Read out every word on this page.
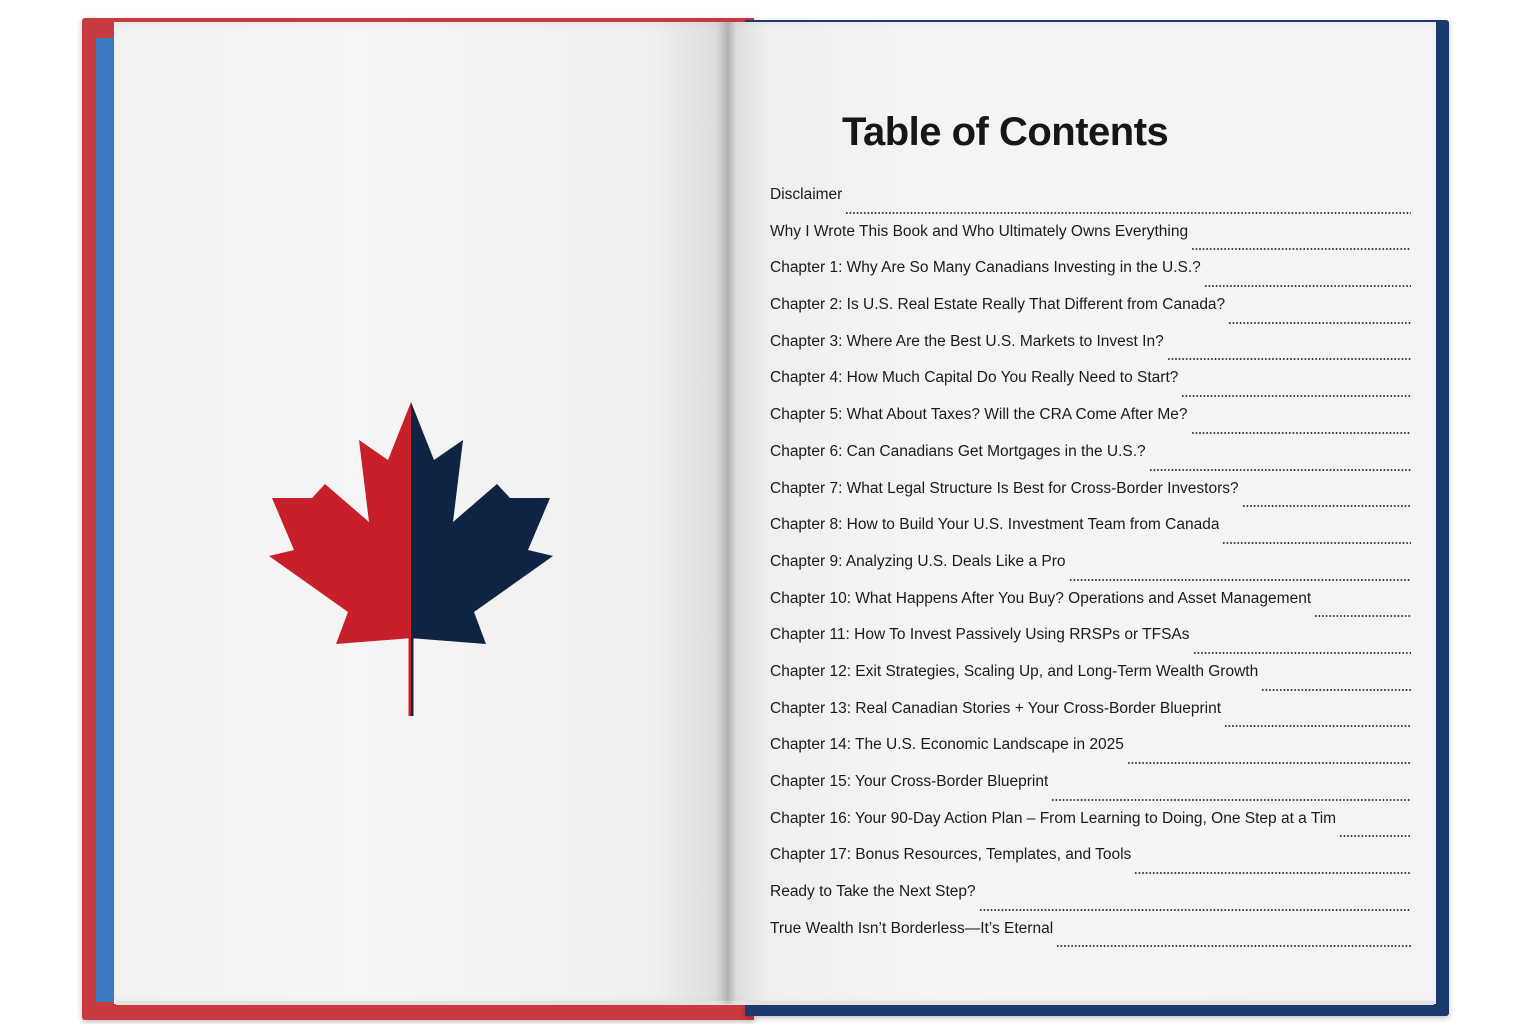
Table of Contents
Disclaimer
Why I Wrote This Book and Who Ultimately Owns Everything
Chapter 1: Why Are So Many Canadians Investing in the U.S.?
Chapter 2: Is U.S. Real Estate Really That Different from Canada?
Chapter 3: Where Are the Best U.S. Markets to Invest In?
Chapter 4: How Much Capital Do You Really Need to Start?
Chapter 5: What About Taxes? Will the CRA Come After Me?
Chapter 6: Can Canadians Get Mortgages in the U.S.?
Chapter 7: What Legal Structure Is Best for Cross-Border Investors?
Chapter 8: How to Build Your U.S. Investment Team from Canada
Chapter 9: Analyzing U.S. Deals Like a Pro
Chapter 10: What Happens After You Buy? Operations and Asset Management
Chapter 11: How To Invest Passively Using RRSPs or TFSAs
Chapter 12: Exit Strategies, Scaling Up, and Long-Term Wealth Growth
Chapter 13: Real Canadian Stories + Your Cross-Border Blueprint
Chapter 14: The U.S. Economic Landscape in 2025
Chapter 15: Your Cross-Border Blueprint
Chapter 16: Your 90-Day Action Plan – From Learning to Doing, One Step at a Tim
Chapter 17: Bonus Resources, Templates, and Tools
Ready to Take the Next Step?
True Wealth Isn’t Borderless—It’s Eternal
